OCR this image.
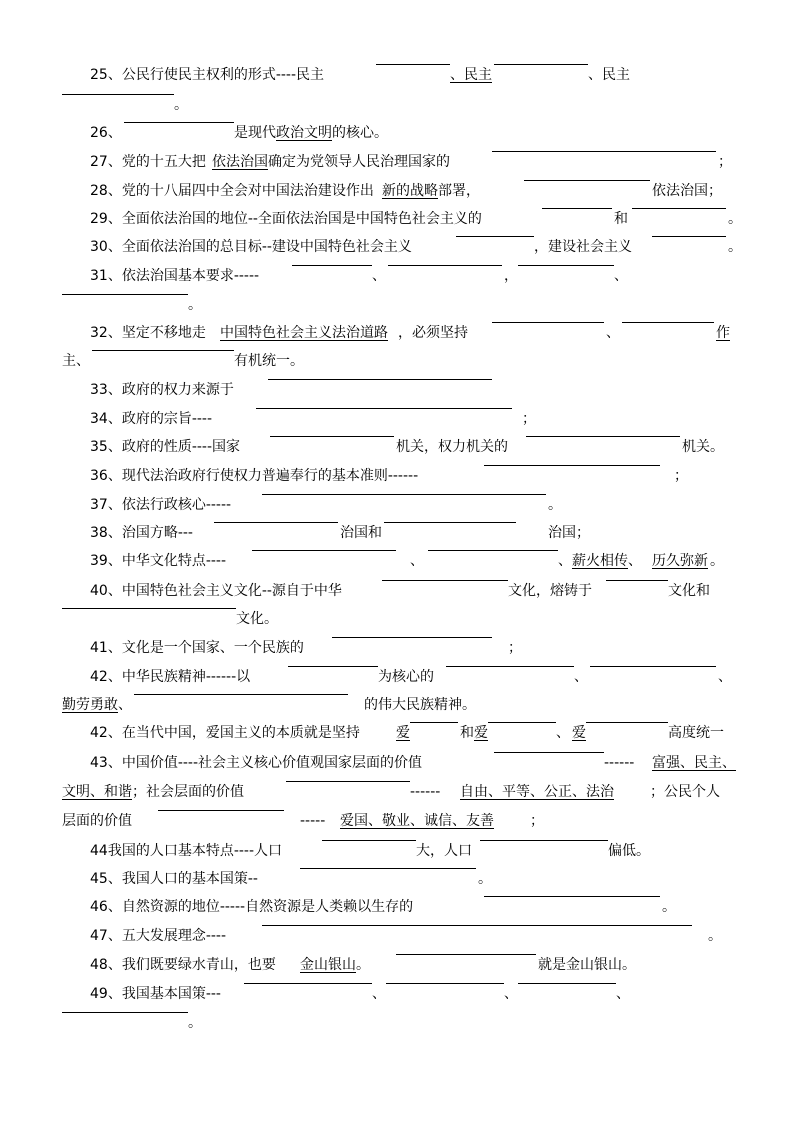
25、公民行使民主权利的形式----民主	、民主	、民主
。
26、	是现代 政治文明 的核心。
27、党的十五大把 依法治国 确定为党领导人民治理国家的	；
28、党的十八届四中全会对中国法治建设作出 新的战略 部署，	依法治国；
29、全面依法治国的地位--全面依法治国是中国特色社会主义的	和	。
30、全面依法治国的总目标--建设中国特色社会主义	，建设社会主义	。
31、依法治国基本要求-----	、	，	、
。
32、坚定不移地走 中国特色社会主义法治道路 ，必须坚持	、	作
主、	有机统一。
33、政府的权力来源于
34、政府的宗旨----	；
35、政府的性质----国家	机关，权力机关的	机关。
36、现代法治政府行使权力普遍奉行的基本准则------	；
37、依法行政核心-----	。
38、治国方略---	治国和	治国；
39、中华文化特点----	、	、 薪火相传 、 历久弥新 。
40、中国特色社会主义文化--源自于中华	文化，熔铸于	文化和
文化。
41、文化是一个国家、一个民族的	；
42、中华民族精神------以	为核心的	、	、
勤劳勇敢 、	的伟大民族精神。
42、在当代中国，爱国主义的本质就是坚持	爱	和 爱	、 爱	高度统一
43、中国价值----社会主义核心价值观国家层面的价值	------ 富强、民主、
文明、和谐 ；社会层面的价值	------ 自由、平等、公正、法治	；公民个人
层面的价值	----- 爱国、敬业、诚信、友善	；
44我国的人口基本特点----人口	大，人口	偏低。
45、我国人口的基本国策--	。
46、自然资源的地位-----自然资源是人类赖以生存的	。
47、五大发展理念----	。
48、我们既要绿水青山，也要 金山银山 。	就是金山银山。
49、我国基本国策---	、	、	、
。
